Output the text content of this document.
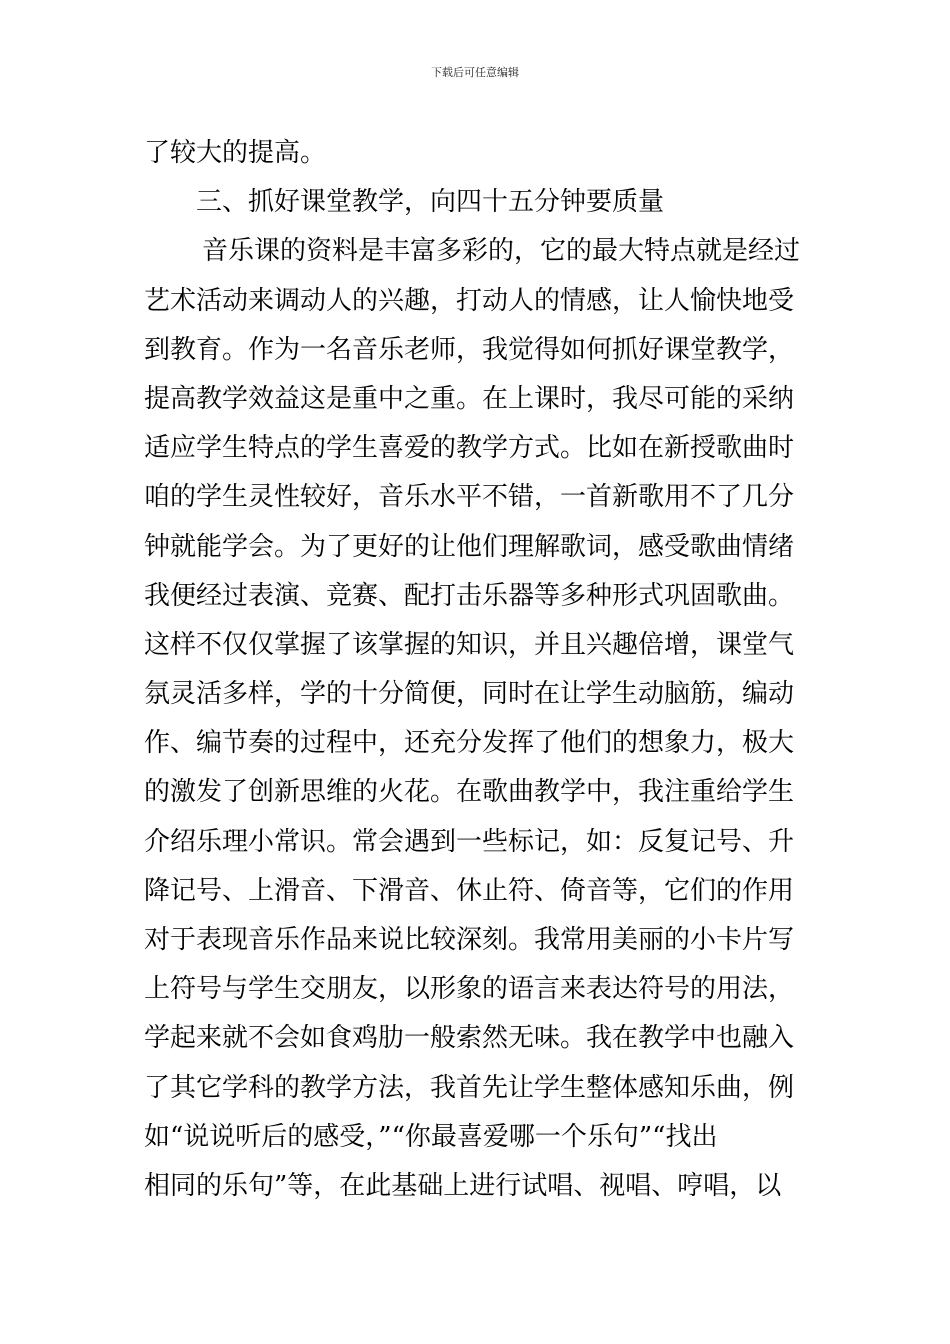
下载后可任意编辑
了较大的提高。
三、抓好课堂教学，向四十五分钟要质量
音乐课的资料是丰富多彩的，它的最大特点就是经过
艺术活动来调动人的兴趣，打动人的情感，让人愉快地受
到教育。作为一名音乐老师，我觉得如何抓好课堂教学，
提高教学效益这是重中之重。在上课时，我尽可能的采纳
适应学生特点的学生喜爱的教学方式。比如在新授歌曲时
咱的学生灵性较好，音乐水平不错，一首新歌用不了几分
钟就能学会。为了更好的让他们理解歌词，感受歌曲情绪
我便经过表演、竞赛、配打击乐器等多种形式巩固歌曲。
这样不仅仅掌握了该掌握的知识，并且兴趣倍增，课堂气
氛灵活多样，学的十分简便，同时在让学生动脑筋，编动
作、编节奏的过程中，还充分发挥了他们的想象力，极大
的激发了创新思维的火花。在歌曲教学中，我注重给学生
介绍乐理小常识。常会遇到一些标记，如：反复记号、升
降记号、上滑音、下滑音、休止符、倚音等，它们的作用
对于表现音乐作品来说比较深刻。我常用美丽的小卡片写
上符号与学生交朋友，以形象的语言来表达符号的用法，
学起来就不会如食鸡肋一般索然无味。我在教学中也融入
了其它学科的教学方法，我首先让学生整体感知乐曲，例
如“说说听后的感受，”“你最喜爱哪一个乐句”“找出
相同的乐句”等，在此基础上进行试唱、视唱、哼唱，以
